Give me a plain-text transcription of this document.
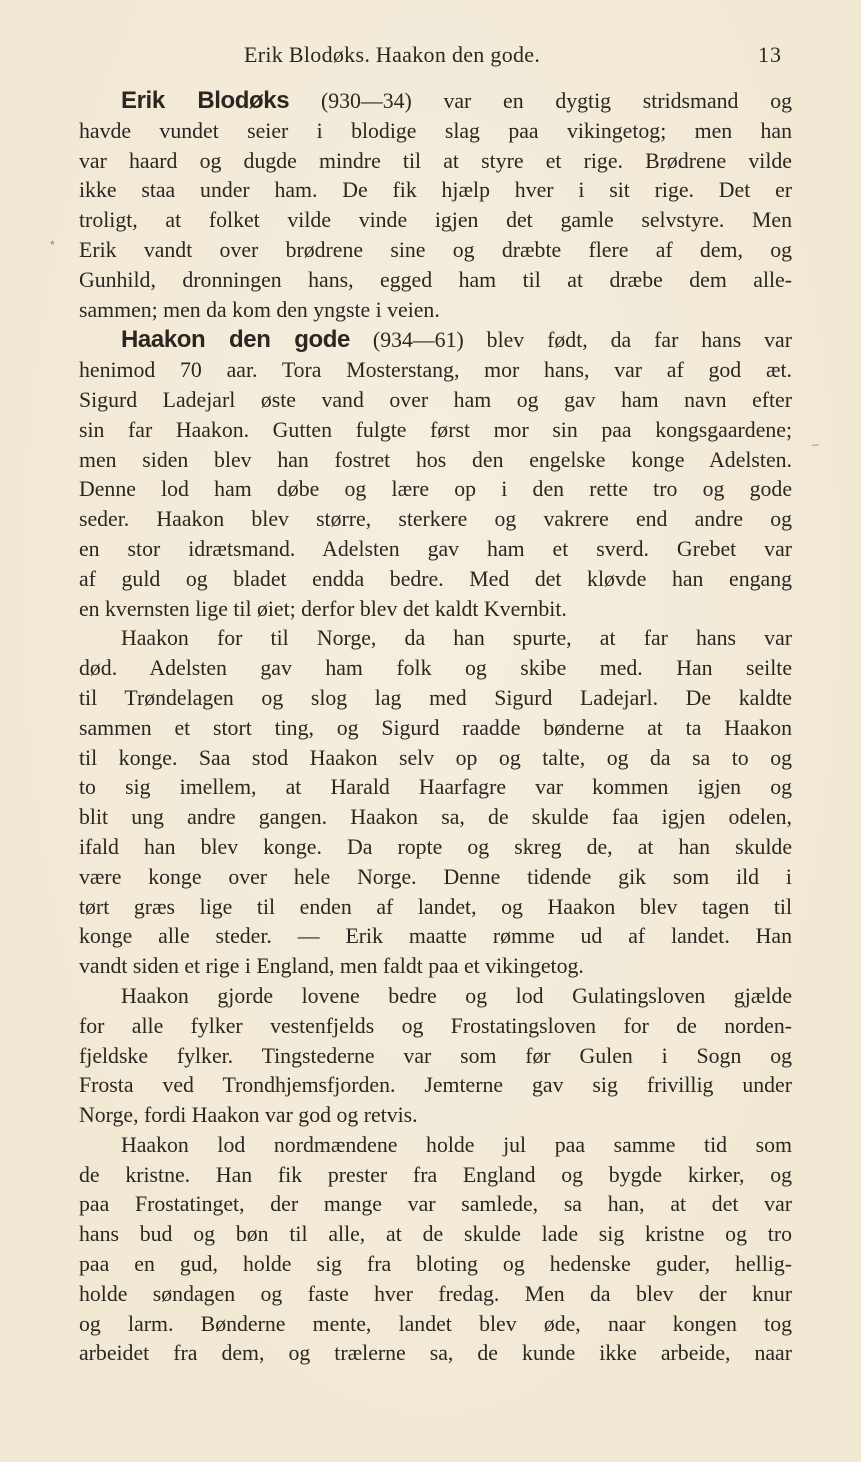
Erik Blodøks. Haakon den gode.	13
Erik Blodøks (930—34) var en dygtig stridsmand og
havde vundet seier i blodige slag paa vikingetog; men han
var haard og dugde mindre til at styre et rige. Brødrene vilde
ikke staa under ham. De fik hjælp hver i sit rige. Det er
troligt, at folket vilde vinde igjen det gamle selvstyre. Men
Erik vandt over brødrene sine og dræbte flere af dem, og
Gunhild, dronningen hans, egged ham til at dræbe dem alle-
sammen; men da kom den yngste i veien.
Haakon den gode (934—61) blev født, da far hans var
henimod 70 aar. Tora Mosterstang, mor hans, var af god æt.
Sigurd Ladejarl øste vand over ham og gav ham navn efter
sin far Haakon. Gutten fulgte først mor sin paa kongsgaardene;
men siden blev han fostret hos den engelske konge Adelsten.
Denne lod ham døbe og lære op i den rette tro og gode
seder. Haakon blev større, sterkere og vakrere end andre og
en stor idrætsmand. Adelsten gav ham et sverd. Grebet var
af guld og bladet endda bedre. Med det kløvde han engang
en kvernsten lige til øiet; derfor blev det kaldt Kvernbit.
Haakon for til Norge, da han spurte, at far hans var
død. Adelsten gav ham folk og skibe med. Han seilte
til Trøndelagen og slog lag med Sigurd Ladejarl. De kaldte
sammen et stort ting, og Sigurd raadde bønderne at ta Haakon
til konge. Saa stod Haakon selv op og talte, og da sa to og
to sig imellem, at Harald Haarfagre var kommen igjen og
blit ung andre gangen. Haakon sa, de skulde faa igjen odelen,
ifald han blev konge. Da ropte og skreg de, at han skulde
være konge over hele Norge. Denne tidende gik som ild i
tørt græs lige til enden af landet, og Haakon blev tagen til
konge alle steder. — Erik maatte rømme ud af landet. Han
vandt siden et rige i England, men faldt paa et vikingetog.
Haakon gjorde lovene bedre og lod Gulatingsloven gjælde
for alle fylker vestenfjelds og Frostatingsloven for de norden-
fjeldske fylker. Tingstederne var som før Gulen i Sogn og
Frosta ved Trondhjemsfjorden. Jemterne gav sig frivillig under
Norge, fordi Haakon var god og retvis.
Haakon lod nordmændene holde jul paa samme tid som
de kristne. Han fik prester fra England og bygde kirker, og
paa Frostatinget, der mange var samlede, sa han, at det var
hans bud og bøn til alle, at de skulde lade sig kristne og tro
paa en gud, holde sig fra bloting og hedenske guder, hellig-
holde søndagen og faste hver fredag. Men da blev der knur
og larm. Bønderne mente, landet blev øde, naar kongen tog
arbeidet fra dem, og trælerne sa, de kunde ikke arbeide, naar
*
_
